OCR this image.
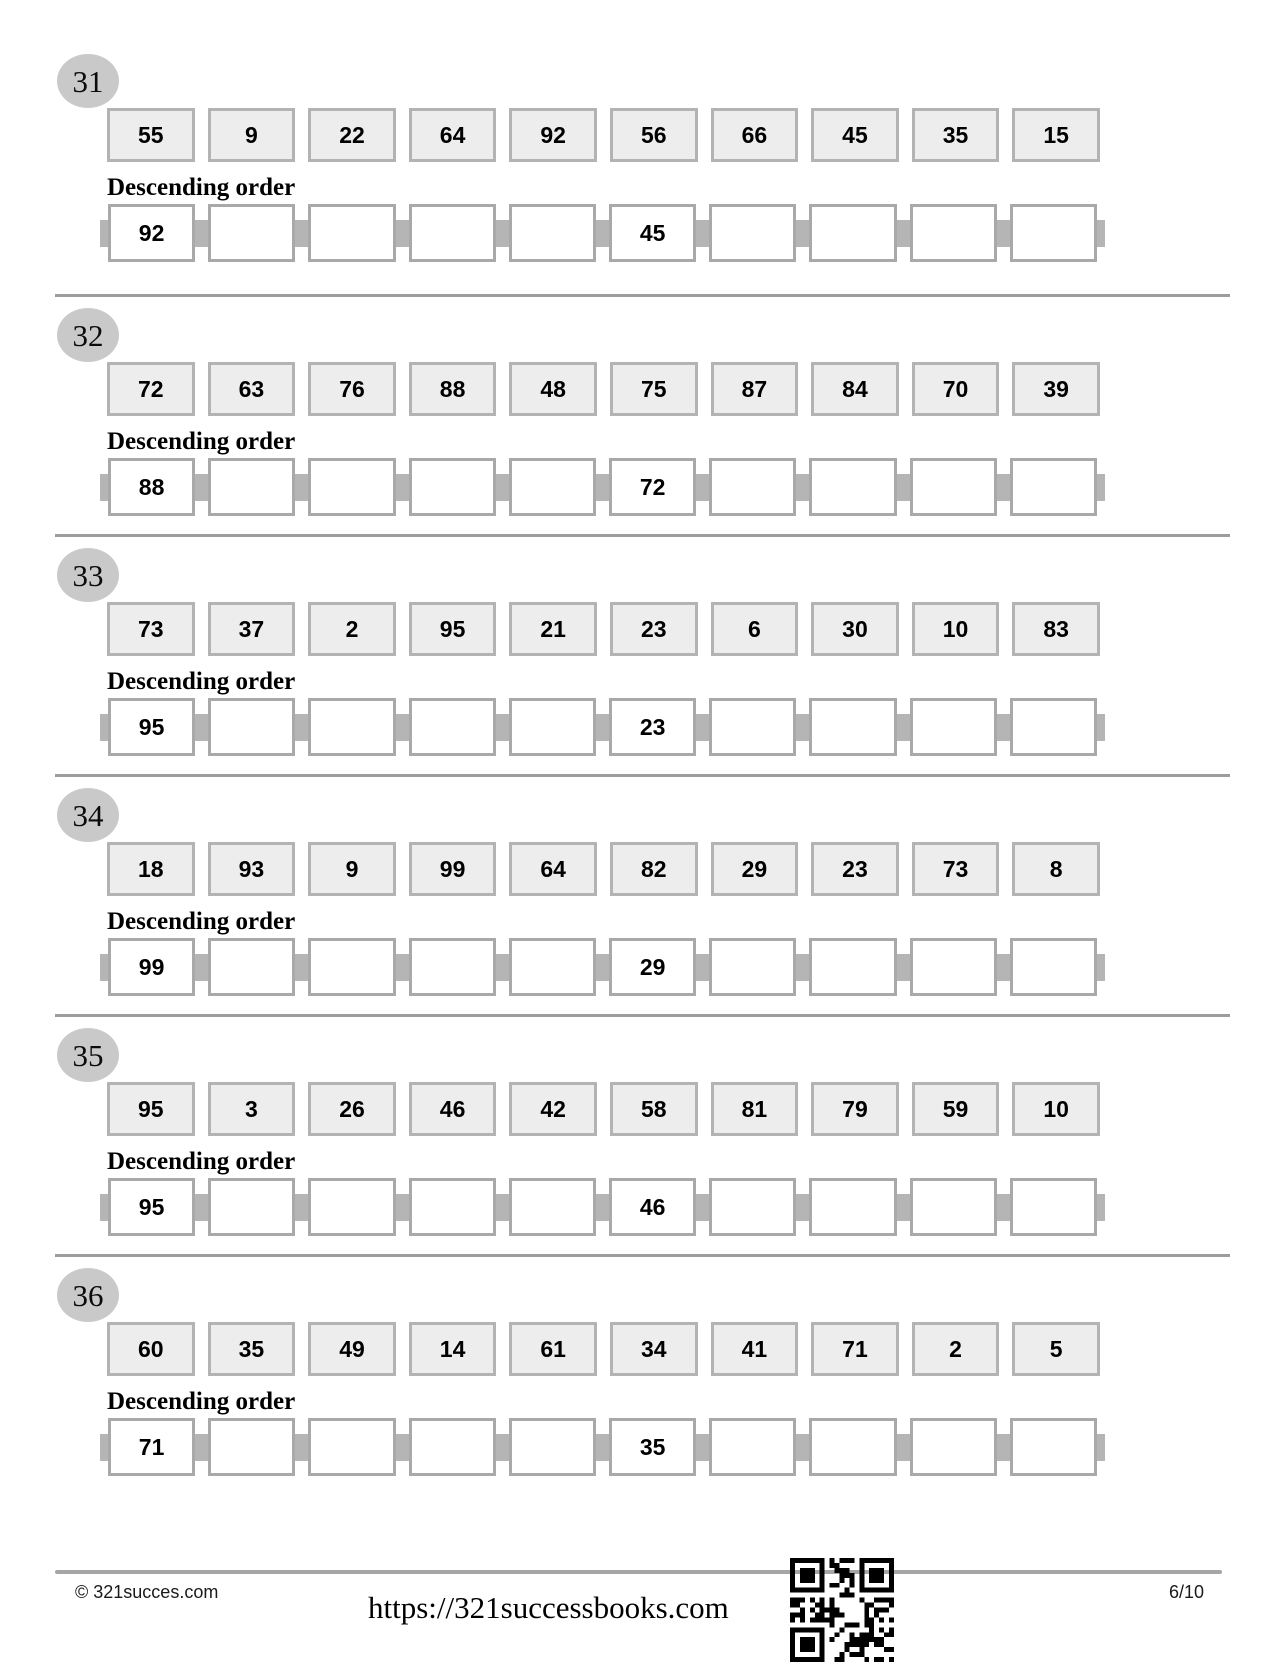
31
55	9	22	64	92	56	66	45	35	15
Descending order
92	45
32
72	63	76	88	48	75	87	84	70	39
Descending order
88	72
33
73	37	2	95	21	23	6	30	10	83
Descending order
95	23
34
18	93	9	99	64	82	29	23	73	8
Descending order
99	29
35
95	3	26	46	42	58	81	79	59	10
Descending order
95	46
36
60	35	49	14	61	34	41	71	2	5
Descending order
71	35
© 321succes.com	https://321successbooks.com	6/10
